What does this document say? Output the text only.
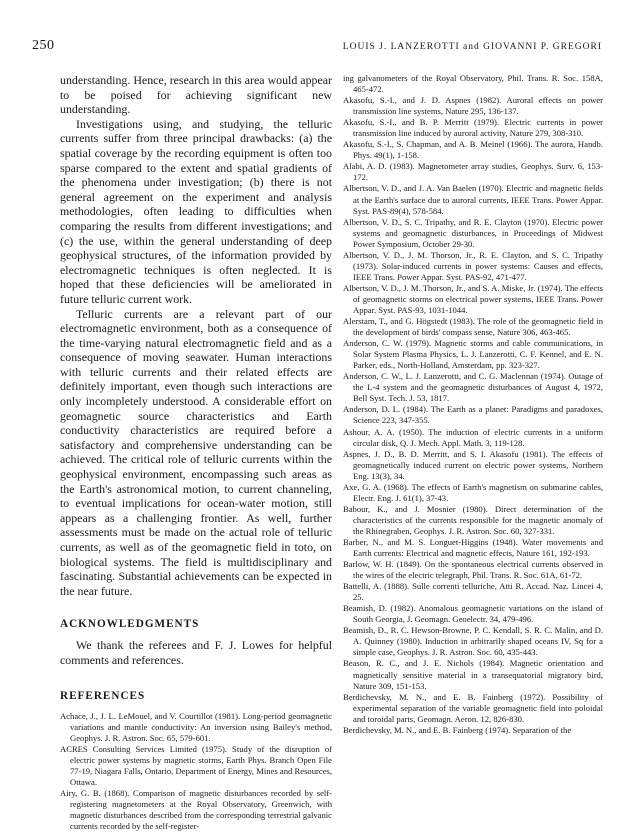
250	LOUIS J. LANZEROTTI and GIOVANNI P. GREGORI

understanding. Hence, research in this area would appear to be poised for achieving significant new understanding.

Investigations using, and studying, the telluric currents suffer from three principal drawbacks: (a) the spatial coverage by the recording equipment is often too sparse compared to the extent and spatial gradients of the phenomena under investigation; (b) there is not general agreement on the experiment and analysis methodologies, often leading to difficulties when comparing the results from different investigations; and (c) the use, within the general understanding of deep geophysical structures, of the information provided by electromagnetic techniques is often neglected. It is hoped that these deficiencies will be ameliorated in future telluric current work.

Telluric currents are a relevant part of our electromagnetic environment, both as a consequence of the time-varying natural electromagnetic field and as a consequence of moving seawater. Human interactions with telluric currents and their related effects are definitely important, even though such interactions are only incompletely understood. A considerable effort on geomagnetic source characteristics and Earth conductivity characteristics are required before a satisfactory and comprehensive understanding can be achieved. The critical role of telluric currents within the geophysical environment, encompassing such areas as the Earth's astronomical motion, to current channeling, to eventual implications for ocean-water motion, still appears as a challenging frontier. As well, further assessments must be made on the actual role of telluric currents, as well as of the geomagnetic field in toto, on biological systems. The field is multidisciplinary and fascinating. Substantial achievements can be expected in the near future.

ACKNOWLEDGMENTS

We thank the referees and F. J. Lowes for helpful comments and references.

REFERENCES

Achace, J., J. L. LeMouel, and V. Courtillot (1981). Long-period geomagnetic variations and mantle conductivity: An inversion using Bailey's method, Geophys. J. R. Astron. Soc. 65, 579-601.

ACRES Consulting Services Limited (1975). Study of the disruption of electric power systems by magnetic storms, Earth Phys. Branch Open File 77-19, Niagara Falls, Ontario, Department of Energy, Mines and Resources, Ottawa.

Airy, G. B. (1868). Comparison of magnetic disturbances recorded by self-registering magnetometers at the Royal Observatory, Greenwich, with magnetic disturbances described from the corresponding terrestrial galvanic currents recorded by the self-register-

ing galvanometers of the Royal Observatory, Phil. Trans. R. Soc. 158A, 465-472.

Akasofu, S.-I., and J. D. Aspnes (1982). Auroral effects on power transmission line systems, Nature 295, 136-137.

Akasofu, S.-I., and B. P. Merritt (1979). Electric currents in power transmission line induced by auroral activity, Nature 279, 308-310.

Akasofu, S.-I., S. Chapman, and A. B. Meinel (1966). The aurora, Handb. Phys. 49(1), 1-158.

Alabi, A. D. (1983). Magnetometer array studies, Geophys. Surv. 6, 153-172.

Albertson, V. D., and J. A. Van Baelen (1970). Electric and magnetic fields at the Earth's surface due to auroral currents, IEEE Trans. Power Appar. Syst. PAS-89(4), 578-584.

Albertson, V. D., S. C. Tripathy, and R. E. Clayton (1970). Electric power systems and geomagnetic disturbances, in Proceedings of Midwest Power Symposium, October 29-30.

Albertson, V. D., J. M. Thorson, Jr., R. E. Clayton, and S. C. Tripathy (1973). Solar-induced currents in power systems: Causes and effects, IEEE Trans. Power Appar. Syst. PAS-92, 471-477.

Albertson, V. D., J. M. Thorson, Jr., and S. A. Miske, Jr. (1974). The effects of geomagnetic storms on electrical power systems, IEEE Trans. Power Appar. Syst. PAS-93, 1031-1044.

Alerstam, T., and G. Högstedt (1983). The role of the geomagnetic field in the development of birds' compass sense, Nature 306, 463-465.

Anderson, C. W. (1979). Magnetic storms and cable communications, in Solar System Plasma Physics, L. J. Lanzerotti, C. F. Kennel, and E. N. Parker, eds., North-Holland, Amsterdam, pp. 323-327.

Anderson, C. W., L. J. Lanzerotti, and C. G. Maclennan (1974). Outage of the L-4 system and the geomagnetic disturbances of August 4, 1972, Bell Syst. Tech. J. 53, 1817.

Anderson, D. L. (1984). The Earth as a planet: Paradigms and paradoxes, Science 223, 347-355.

Ashour, A. A. (1950). The induction of electric currents in a uniform circular disk, Q. J. Mech. Appl. Math. 3, 119-128.

Aspnes, J. D., B. D. Merritt, and S. I. Akasofu (1981). The effects of geomagnetically induced current on electric power systems, Northern Eng. 13(3), 34.

Axe, G. A. (1968). The effects of Earth's magnetism on submarine cables, Electr. Eng. J. 61(1), 37-43.

Babour, K., and J. Mosnier (1980). Direct determination of the characteristics of the currents responsible for the magnetic anomaly of the Rhinegraben, Geophys. J. R. Astron. Soc. 60, 327-331.

Barber, N., and M. S. Longuet-Higgins (1948). Water movements and Earth currents: Electrical and magnetic effects, Nature 161, 192-193.

Barlow, W. H. (1849). On the spontaneous electrical currents observed in the wires of the electric telegraph, Phil. Trans. R. Soc. 61A, 61-72.

Battelli, A. (1888). Sulle correnti telluriche, Atti R. Accad. Naz. Lincei 4, 25.

Beamish, D. (1982). Anomalous geomagnetic variations on the island of South Georgia, J. Geomagn. Geoelectr. 34, 479-496.

Beamish, D., R. C. Hewson-Browne, P. C. Kendall, S. R. C. Malin, and D. A. Quinney (1980). Induction in arbitrarily shaped oceans IV, Sq for a simple case, Geophys. J. R. Astron. Soc. 60, 435-443.

Beason, R. C., and J. E. Nichols (1984). Magnetic orientation and magnetically sensitive material in a transequatorial migratory bird, Nature 309, 151-153.

Berdichevsky, M. N., and E. B. Fainberg (1972). Possibility of experimental separation of the variable geomagnetic field into poloidal and toroidal parts, Geomagn. Aeron. 12, 826-830.

Berdichevsky, M. N., and E. B. Fainberg (1974). Separation of the
